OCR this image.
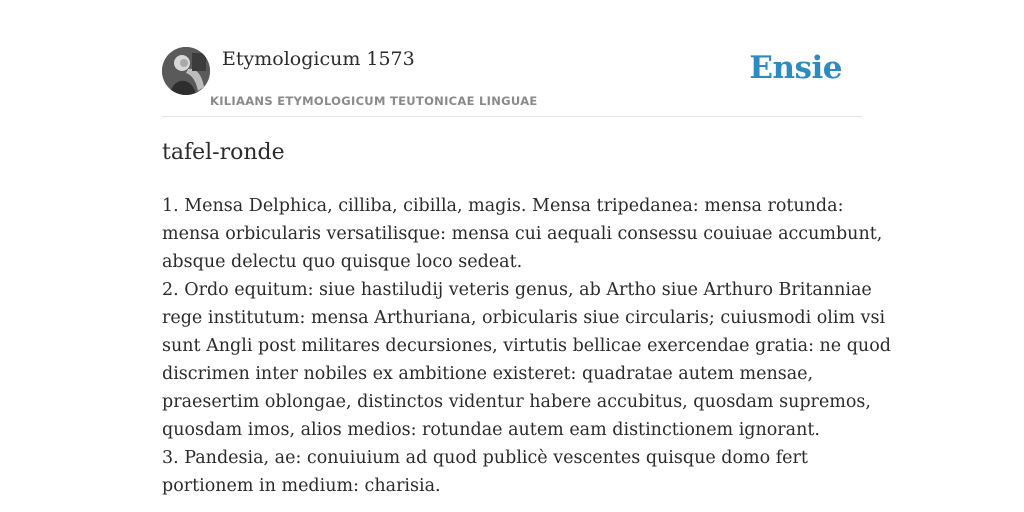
Etymologicum 1573
KILIAANS ETYMOLOGICUM TEUTONICAE LINGUAE
Ensie
tafel-ronde

1. Mensa Delphica, cilliba, cibilla, magis. Mensa tripedanea: mensa rotunda:

mensa orbicularis versatilisque: mensa cui aequali consessu couiuae accumbunt,

absque delectu quo quisque loco sedeat.

2. Ordo equitum: siue hastiludij veteris genus, ab Artho siue Arthuro Britanniae

rege institutum: mensa Arthuriana, orbicularis siue circularis; cuiusmodi olim vsi

sunt Angli post militares decursiones, virtutis bellicae exercendae gratia: ne quod

discrimen inter nobiles ex ambitione existeret: quadratae autem mensae,

praesertim oblongae, distinctos videntur habere accubitus, quosdam supremos,

quosdam imos, alios medios: rotundae autem eam distinctionem ignorant.

3. Pandesia, ae: conuiuium ad quod publicè vescentes quisque domo fert

portionem in medium: charisia.
